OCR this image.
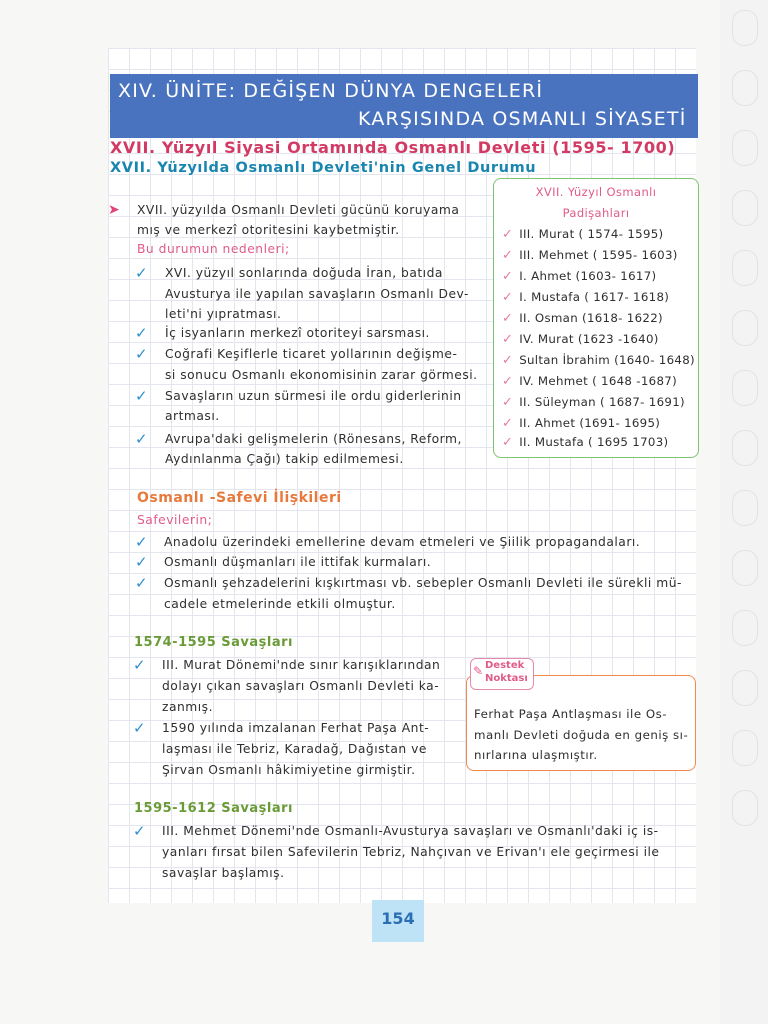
XIV. ÜNİTE: DEĞİŞEN DÜNYA DENGELERİ
KARŞISINDA OSMANLI SİYASETİ
XVII. Yüzyıl Siyasi Ortamında Osmanlı Devleti (1595- 1700)
XVII. Yüzyılda Osmanlı Devleti'nin Genel Durumu
➤ XVII. yüzyılda Osmanlı Devleti gücünü koruyama
mış ve merkezî otoritesini kaybetmiştir.
Bu durumun nedenleri;
✓ XVI. yüzyıl sonlarında doğuda İran, batıda
Avusturya ile yapılan savaşların Osmanlı Dev-
leti'ni yıpratması.
✓ İç isyanların merkezî otoriteyi sarsması.
✓ Coğrafi Keşiflerle ticaret yollarının değişme-
si sonucu Osmanlı ekonomisinin zarar görmesi.
✓ Savaşların uzun sürmesi ile ordu giderlerinin
artması.
✓ Avrupa'daki gelişmelerin (Rönesans, Reform,
Aydınlanma Çağı) takip edilmemesi.
XVII. Yüzyıl Osmanlı
Padişahları
✓ III. Murat ( 1574- 1595)
✓ III. Mehmet ( 1595- 1603)
✓ I. Ahmet (1603- 1617)
✓ I. Mustafa ( 1617- 1618)
✓ II. Osman (1618- 1622)
✓ IV. Murat (1623 -1640)
✓ Sultan İbrahim (1640- 1648)
✓ IV. Mehmet ( 1648 -1687)
✓ II. Süleyman ( 1687- 1691)
✓ II. Ahmet (1691- 1695)
✓ II. Mustafa ( 1695 1703)
Osmanlı -Safevi İlişkileri
Safevilerin;
✓ Anadolu üzerindeki emellerine devam etmeleri ve Şiilik propagandaları.
✓ Osmanlı düşmanları ile ittifak kurmaları.
✓ Osmanlı şehzadelerini kışkırtması vb. sebepler Osmanlı Devleti ile sürekli mü-
cadele etmelerinde etkili olmuştur.
1574-1595 Savaşları
✓ III. Murat Dönemi'nde sınır karışıklarından
dolayı çıkan savaşları Osmanlı Devleti ka-
zanmış.
✓ 1590 yılında imzalanan Ferhat Paşa Ant-
laşması ile Tebriz, Karadağ, Dağıstan ve
Şirvan Osmanlı hâkimiyetine girmiştir.
Ferhat Paşa Antlaşması ile Os-
manlı Devleti doğuda en geniş sı-
nırlarına ulaşmıştır.
✎ Destek
Noktası
1595-1612 Savaşları
✓ III. Mehmet Dönemi'nde Osmanlı-Avusturya savaşları ve Osmanlı'daki iç is-
yanları fırsat bilen Safevilerin Tebriz, Nahçıvan ve Erivan'ı ele geçirmesi ile
savaşlar başlamış.
154
